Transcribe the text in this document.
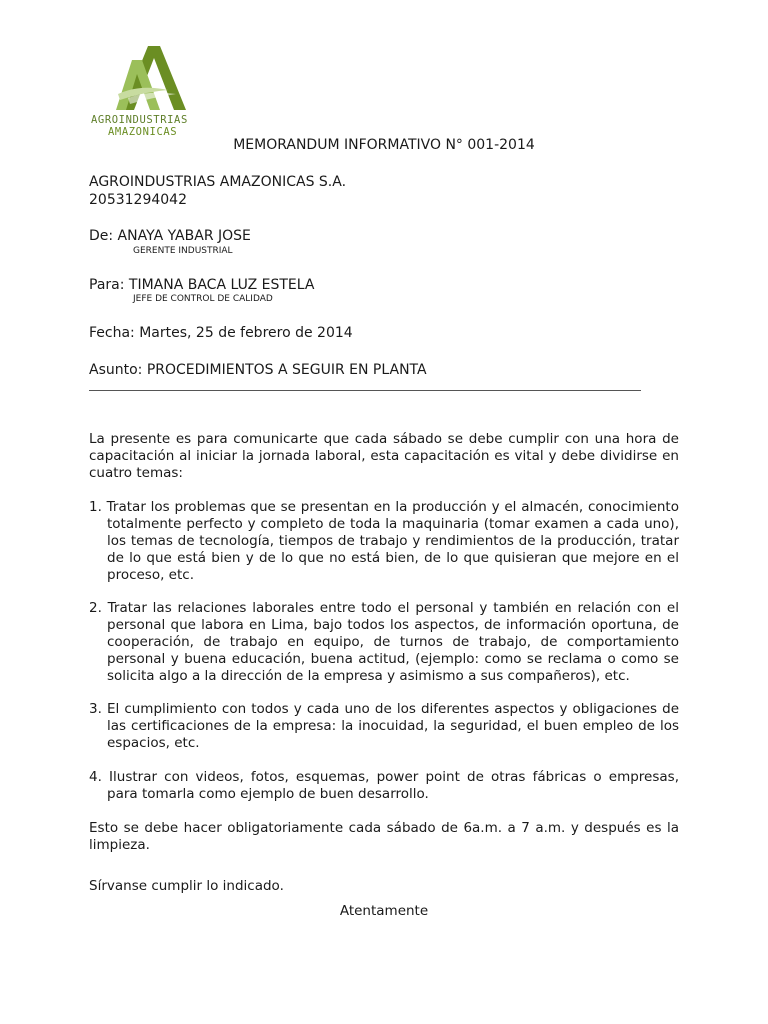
AGROINDUSTRIAS
AMAZONICAS
MEMORANDUM INFORMATIVO N° 001-2014
AGROINDUSTRIAS AMAZONICAS S.A.
20531294042
De: ANAYA YABAR JOSE
GERENTE INDUSTRIAL
Para: TIMANA BACA LUZ ESTELA
JEFE DE CONTROL DE CALIDAD
Fecha: Martes, 25 de febrero de 2014
Asunto: PROCEDIMIENTOS A SEGUIR EN PLANTA
La presente es para comunicarte que cada sábado se debe cumplir con una hora de capacitación al iniciar la jornada laboral, esta capacitación es vital y debe dividirse en cuatro temas:
1. Tratar los problemas que se presentan en la producción y el almacén, conocimiento totalmente perfecto y completo de toda la maquinaria (tomar examen a cada uno), los temas de tecnología, tiempos de trabajo y rendimientos de la producción, tratar de lo que está bien y de lo que no está bien, de lo que quisieran que mejore en el proceso, etc.
2. Tratar las relaciones laborales entre todo el personal y también en relación con el personal que labora en Lima, bajo todos los aspectos, de información oportuna, de cooperación, de trabajo en equipo, de turnos de trabajo, de comportamiento personal y buena educación, buena actitud, (ejemplo: como se reclama o como se solicita algo a la dirección de la empresa y asimismo a sus compañeros), etc.
3. El cumplimiento con todos y cada uno de los diferentes aspectos y obligaciones de las certificaciones de la empresa: la inocuidad, la seguridad, el buen empleo de los espacios, etc.
4. Ilustrar con videos, fotos, esquemas, power point de otras fábricas o empresas, para tomarla como ejemplo de buen desarrollo.
Esto se debe hacer obligatoriamente cada sábado de 6a.m. a 7 a.m. y después es la limpieza.
Sírvanse cumplir lo indicado.
Atentamente
